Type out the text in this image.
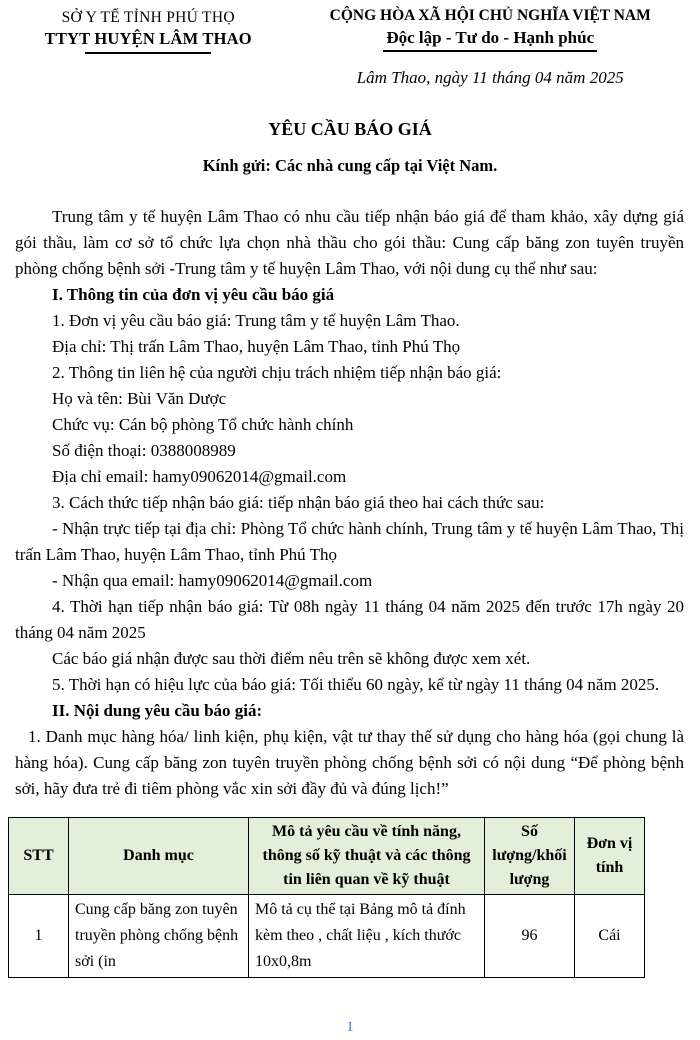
SỞ Y TẾ TỈNH PHÚ THỌ
TTYT HUYỆN LÂM THAO
CỘNG HÒA XÃ HỘI CHỦ NGHĨA VIỆT NAM
Độc lập - Tư do - Hạnh phúc
Lâm Thao, ngày 11 tháng 04 năm 2025
YÊU CẦU BÁO GIÁ
Kính gửi: Các nhà cung cấp tại Việt Nam.

Trung tâm y tế huyện Lâm Thao có nhu cầu tiếp nhận báo giá để tham khảo, xây dựng giá gói thầu, làm cơ sở tổ chức lựa chọn nhà thầu cho gói thầu: Cung cấp băng zon tuyên truyền phòng chống bệnh sởi -Trung tâm y tế huyện Lâm Thao, với nội dung cụ thể như sau:

I. Thông tin của đơn vị yêu cầu báo giá

1. Đơn vị yêu cầu báo giá: Trung tâm y tế huyện Lâm Thao.

Địa chỉ: Thị trấn Lâm Thao, huyện Lâm Thao, tỉnh Phú Thọ

2. Thông tin liên hệ của người chịu trách nhiệm tiếp nhận báo giá:

Họ và tên: Bùi Văn Dược

Chức vụ: Cán bộ phòng Tổ chức hành chính

Số điện thoại: 0388008989

Địa chỉ email: hamy09062014@gmail.com

3. Cách thức tiếp nhận báo giá: tiếp nhận báo giá theo hai cách thức sau:

- Nhận trực tiếp tại địa chỉ: Phòng Tổ chức hành chính, Trung tâm y tế huyện Lâm Thao, Thị trấn Lâm Thao, huyện Lâm Thao, tỉnh Phú Thọ

- Nhận qua email: hamy09062014@gmail.com

4. Thời hạn tiếp nhận báo giá: Từ 08h ngày 11 tháng 04 năm 2025 đến trước 17h ngày 20 tháng 04 năm 2025

Các báo giá nhận được sau thời điểm nêu trên sẽ không được xem xét.

5. Thời hạn có hiệu lực của báo giá: Tối thiểu 60 ngày, kể từ ngày 11 tháng 04 năm 2025.

II. Nội dung yêu cầu báo giá:

1. Danh mục hàng hóa/ linh kiện, phụ kiện, vật tư thay thế sử dụng cho hàng hóa (gọi chung là hàng hóa). Cung cấp băng zon tuyên truyền phòng chống bệnh sởi có nội dung “Để phòng bệnh sởi, hãy đưa trẻ đi tiêm phòng vắc xin sởi đầy đủ và đúng lịch!”

STT	Danh mục	Mô tả yêu cầu về tính năng, thông số kỹ thuật và các thông tin liên quan về kỹ thuật	Số lượng/khối lượng	Đơn vị tính
1	Cung cấp băng zon tuyên truyền phòng chống bệnh sởi (in	Mô tả cụ thể tại Bảng mô tả đính kèm theo , chất liệu , kích thước 10x0,8m	96	Cái
1
